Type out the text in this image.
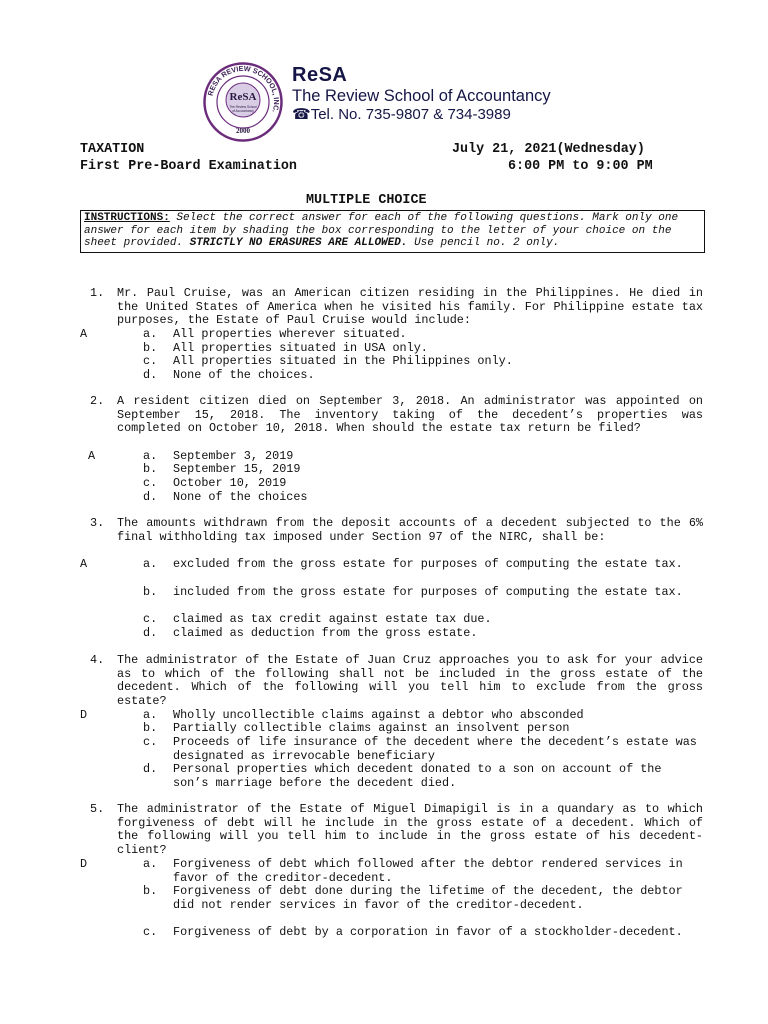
RESA REVIEW SCHOOL, INC.
ReSA
The Review School
of Accountancy
2000
ReSA
The Review School of Accountancy
☎Tel. No. 735-9807 & 734-3989
TAXATION	July 21, 2021(Wednesday)
First Pre-Board Examination	6:00 PM to 9:00 PM
MULTIPLE CHOICE
INSTRUCTIONS: Select the correct answer for each of the following questions. Mark only one answer for each item by shading the box corresponding to the letter of your choice on the sheet provided. STRICTLY NO ERASURES ARE ALLOWED. Use pencil no. 2 only.
1.	Mr. Paul Cruise, was an American citizen residing in the Philippines. He died in the United States of America when he visited his family. For Philippine estate tax purposes, the Estate of Paul Cruise would include:
A	a. All properties wherever situated.
b. All properties situated in USA only.
c. All properties situated in the Philippines only.
d. None of the choices.
2.	A resident citizen died on September 3, 2018. An administrator was appointed on September 15, 2018. The inventory taking of the decedent’s properties was completed on October 10, 2018. When should the estate tax return be filed?
A	a. September 3, 2019
b. September 15, 2019
c. October 10, 2019
d. None of the choices
3.	The amounts withdrawn from the deposit accounts of a decedent subjected to the 6% final withholding tax imposed under Section 97 of the NIRC, shall be:
A	a. excluded from the gross estate for purposes of computing the estate tax.
b. included from the gross estate for purposes of computing the estate tax.
c. claimed as tax credit against estate tax due.
d. claimed as deduction from the gross estate.
4.	The administrator of the Estate of Juan Cruz approaches you to ask for your advice as to which of the following shall not be included in the gross estate of the decedent. Which of the following will you tell him to exclude from the gross estate?
D	a. Wholly uncollectible claims against a debtor who absconded
b. Partially collectible claims against an insolvent person
c. Proceeds of life insurance of the decedent where the decedent’s estate was designated as irrevocable beneficiary
d. Personal properties which decedent donated to a son on account of the son’s marriage before the decedent died.
5.	The administrator of the Estate of Miguel Dimapigil is in a quandary as to which forgiveness of debt will he include in the gross estate of a decedent. Which of the following will you tell him to include in the gross estate of his decedent-client?
D	a. Forgiveness of debt which followed after the debtor rendered services in favor of the creditor-decedent.
b. Forgiveness of debt done during the lifetime of the decedent, the debtor did not render services in favor of the creditor-decedent.
c. Forgiveness of debt by a corporation in favor of a stockholder-decedent.
